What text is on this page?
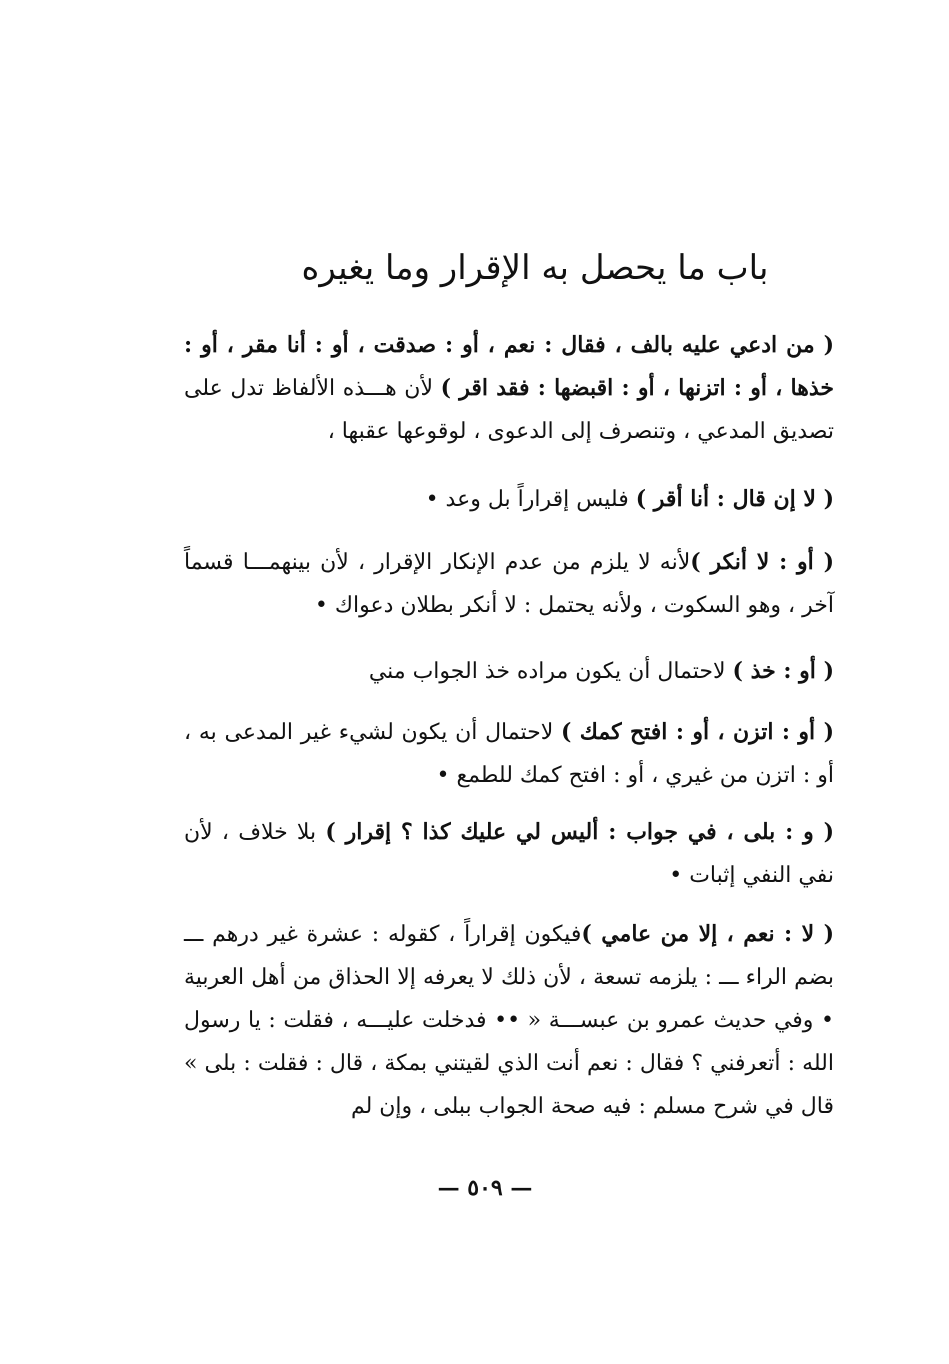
باب ما يحصل به الإقرار وما يغيره

( من ادعي عليه بالف ، فقال : نعم ، أو : صدقت ، أو : أنا مقر ، أو : خذها ، أو : اتزنها ، أو : اقبضها : فقد اقر ) لأن هـــذه الألفاظ تدل على تصديق المدعي ، وتنصرف إلى الدعوى ، لوقوعها عقبها ،

( لا إن قال : أنا أقر ) فليس إقراراً بل وعد •

( أو : لا أنكر )لأنه لا يلزم من عدم الإنكار الإقرار ، لأن بينهمـــا قسماً آخر ، وهو السكوت ، ولأنه يحتمل : لا أنكر بطلان دعواك •

( أو : خذ ) لاحتمال أن يكون مراده خذ الجواب مني

( أو : اتزن ، أو : افتح كمك ) لاحتمال أن يكون لشيء غير المدعى به ، أو : اتزن من غيري ، أو : افتح كمك للطمع •

( و : بلى ، في جواب : أليس لي عليك كذا ؟ إقرار ) بلا خلاف ، لأن نفي النفي إثبات •

( لا : نعم ، إلا من عامي )فيكون إقراراً ، كقوله : عشرة غير درهم ـــ بضم الراء ـــ : يلزمه تسعة ، لأن ذلك لا يعرفه إلا الحذاق من أهل العربية • وفي حديث عمرو بن عبســـة « •• فدخلت عليـــه ، فقلت : يا رسول الله : أتعرفني ؟ فقال : نعم أنت الذي لقيتني بمكة ، قال : فقلت : بلى » قال في شرح مسلم : فيه صحة الجواب ببلى ، وإن لم

— ٥٠٩ —
